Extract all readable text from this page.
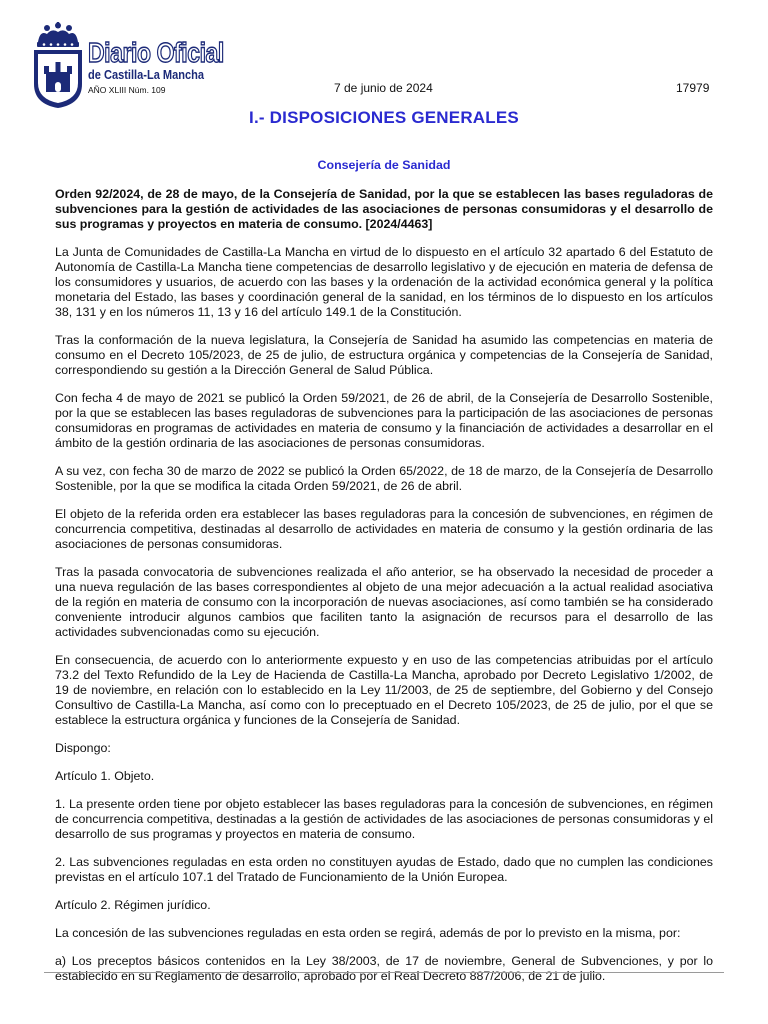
Diario Oficial
de Castilla-La Mancha
AÑO XLIII Núm. 109	7 de junio de 2024	17979
I.- DISPOSICIONES GENERALES
Consejería de Sanidad

Orden 92/2024, de 28 de mayo, de la Consejería de Sanidad, por la que se establecen las bases reguladoras de subvenciones para la gestión de actividades de las asociaciones de personas consumidoras y el desarrollo de sus programas y proyectos en materia de consumo. [2024/4463]

La Junta de Comunidades de Castilla-La Mancha en virtud de lo dispuesto en el artículo 32 apartado 6 del Estatuto de Autonomía de Castilla-La Mancha tiene competencias de desarrollo legislativo y de ejecución en materia de defensa de los consumidores y usuarios, de acuerdo con las bases y la ordenación de la actividad económica general y la política monetaria del Estado, las bases y coordinación general de la sanidad, en los términos de lo dispuesto en los artículos 38, 131 y en los números 11, 13 y 16 del artículo 149.1 de la Constitución.

Tras la conformación de la nueva legislatura, la Consejería de Sanidad ha asumido las competencias en materia de consumo en el Decreto 105/2023, de 25 de julio, de estructura orgánica y competencias de la Consejería de Sanidad, correspondiendo su gestión a la Dirección General de Salud Pública.

Con fecha 4 de mayo de 2021 se publicó la Orden 59/2021, de 26 de abril, de la Consejería de Desarrollo Sostenible, por la que se establecen las bases reguladoras de subvenciones para la participación de las asociaciones de personas consumidoras en programas de actividades en materia de consumo y la financiación de actividades a desarrollar en el ámbito de la gestión ordinaria de las asociaciones de personas consumidoras.

A su vez, con fecha 30 de marzo de 2022 se publicó la Orden 65/2022, de 18 de marzo, de la Consejería de Desarrollo Sostenible, por la que se modifica la citada Orden 59/2021, de 26 de abril.

El objeto de la referida orden era establecer las bases reguladoras para la concesión de subvenciones, en régimen de concurrencia competitiva, destinadas al desarrollo de actividades en materia de consumo y la gestión ordinaria de las asociaciones de personas consumidoras.

Tras la pasada convocatoria de subvenciones realizada el año anterior, se ha observado la necesidad de proceder a una nueva regulación de las bases correspondientes al objeto de una mejor adecuación a la actual realidad asociativa de la región en materia de consumo con la incorporación de nuevas asociaciones, así como también se ha considerado conveniente introducir algunos cambios que faciliten tanto la asignación de recursos para el desarrollo de las actividades subvencionadas como su ejecución.

En consecuencia, de acuerdo con lo anteriormente expuesto y en uso de las competencias atribuidas por el artículo 73.2 del Texto Refundido de la Ley de Hacienda de Castilla-La Mancha, aprobado por Decreto Legislativo 1/2002, de 19 de noviembre, en relación con lo establecido en la Ley 11/2003, de 25 de septiembre, del Gobierno y del Consejo Consultivo de Castilla-La Mancha, así como con lo preceptuado en el Decreto 105/2023, de 25 de julio, por el que se establece la estructura orgánica y funciones de la Consejería de Sanidad.

Dispongo:

Artículo 1. Objeto.

1. La presente orden tiene por objeto establecer las bases reguladoras para la concesión de subvenciones, en régimen de concurrencia competitiva, destinadas a la gestión de actividades de las asociaciones de personas consumidoras y el desarrollo de sus programas y proyectos en materia de consumo.

2. Las subvenciones reguladas en esta orden no constituyen ayudas de Estado, dado que no cumplen las condiciones previstas en el artículo 107.1 del Tratado de Funcionamiento de la Unión Europea.

Artículo 2. Régimen jurídico.

La concesión de las subvenciones reguladas en esta orden se regirá, además de por lo previsto en la misma, por:

a) Los preceptos básicos contenidos en la Ley 38/2003, de 17 de noviembre, General de Subvenciones, y por lo establecido en su Reglamento de desarrollo, aprobado por el Real Decreto 887/2006, de 21 de julio.
